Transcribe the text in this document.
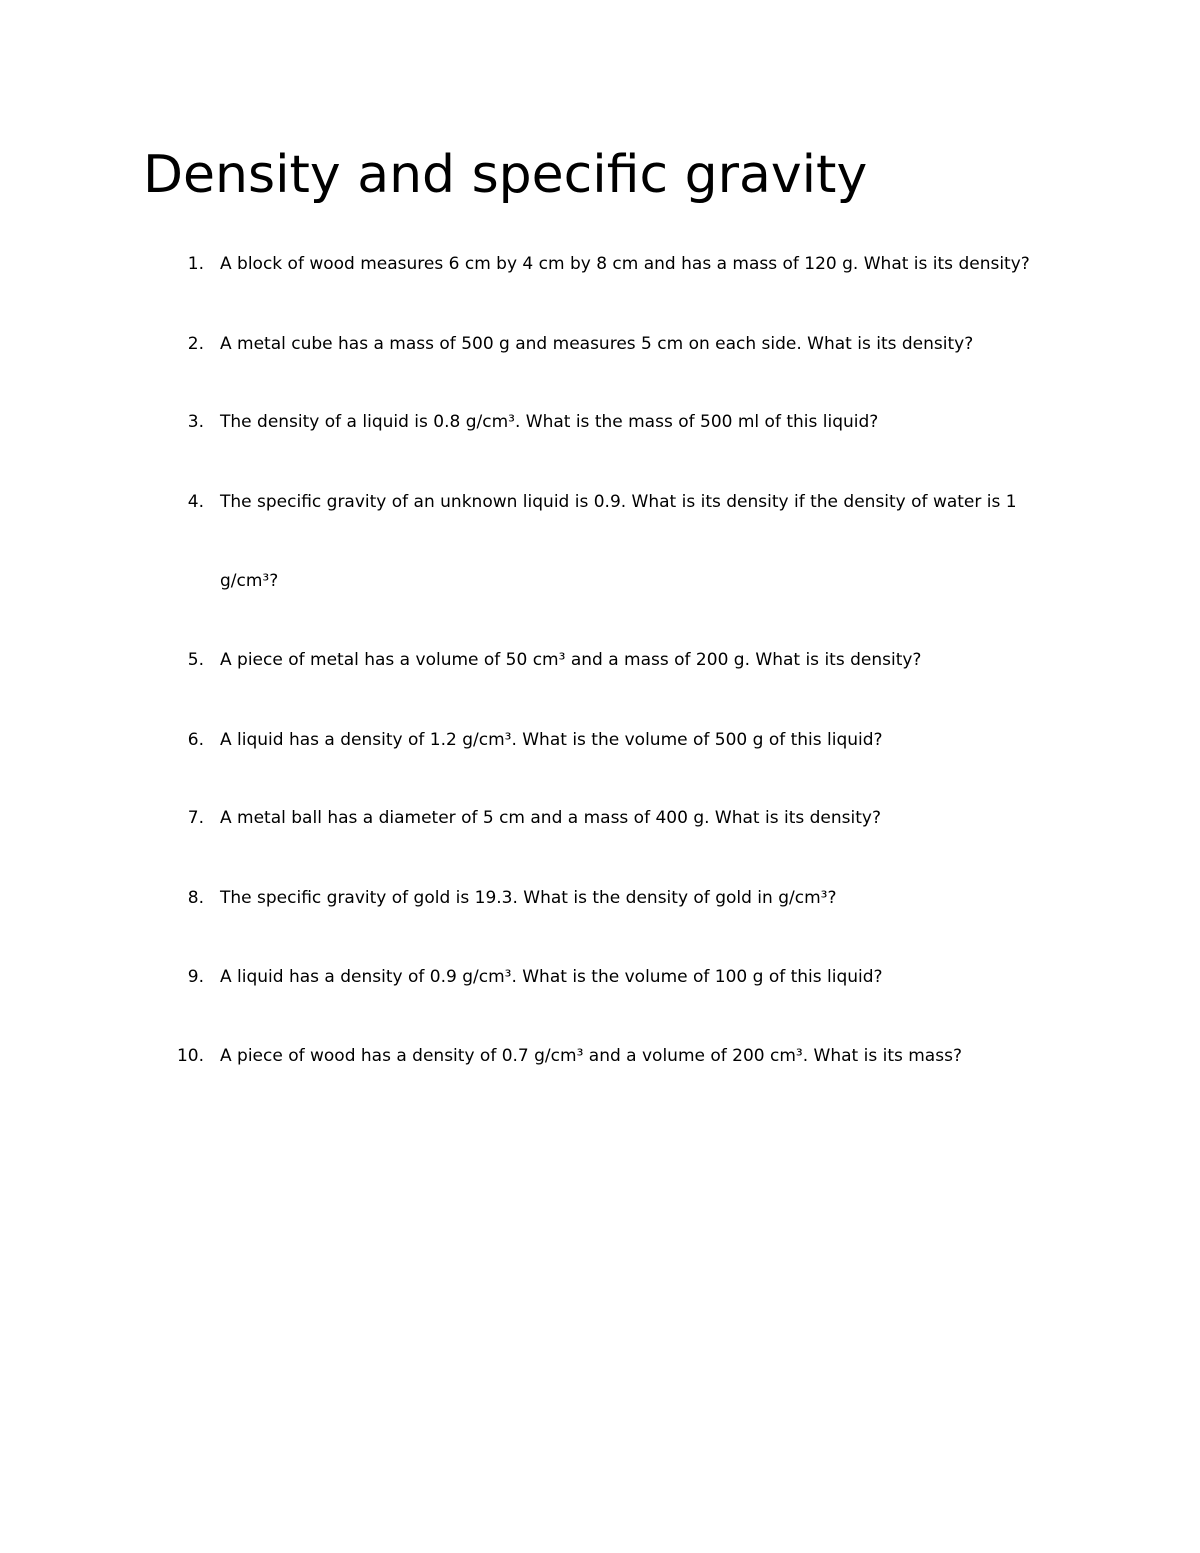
Density and specific gravity
1. A block of wood measures 6 cm by 4 cm by 8 cm and has a mass of 120 g. What is its density?
2. A metal cube has a mass of 500 g and measures 5 cm on each side. What is its density?
3. The density of a liquid is 0.8 g/cm³. What is the mass of 500 ml of this liquid?
4. The specific gravity of an unknown liquid is 0.9. What is its density if the density of water is 1
g/cm³?
5. A piece of metal has a volume of 50 cm³ and a mass of 200 g. What is its density?
6. A liquid has a density of 1.2 g/cm³. What is the volume of 500 g of this liquid?
7. A metal ball has a diameter of 5 cm and a mass of 400 g. What is its density?
8. The specific gravity of gold is 19.3. What is the density of gold in g/cm³?
9. A liquid has a density of 0.9 g/cm³. What is the volume of 100 g of this liquid?
10. A piece of wood has a density of 0.7 g/cm³ and a volume of 200 cm³. What is its mass?
